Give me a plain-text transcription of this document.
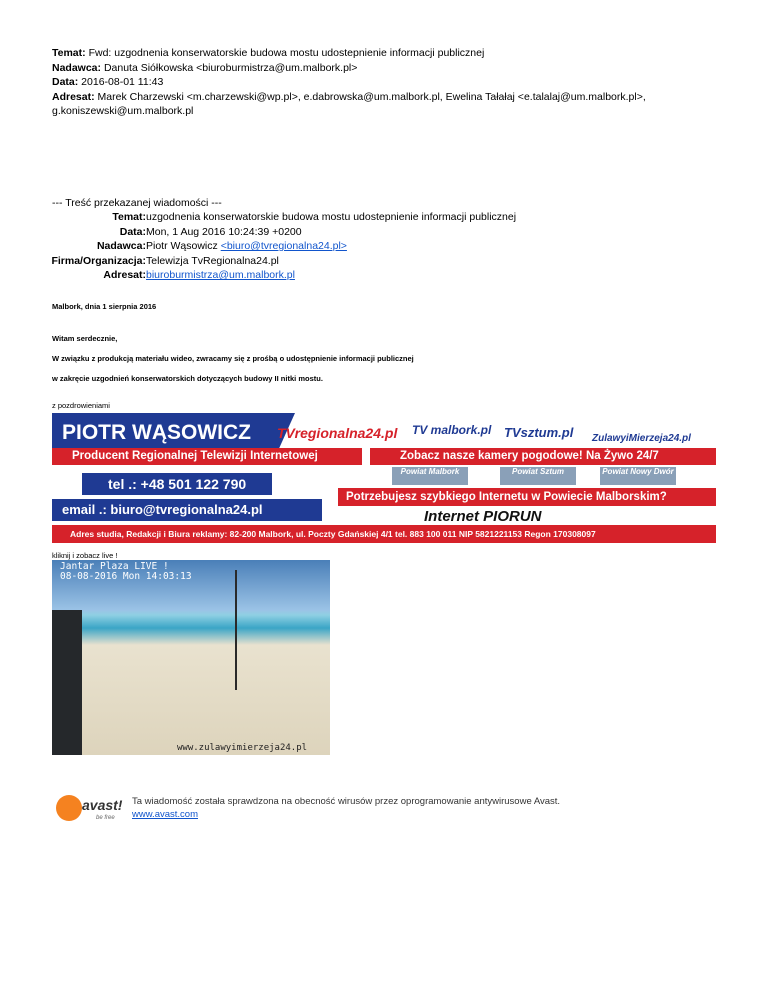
Temat: Fwd: uzgodnenia konserwatorskie budowa mostu udostepnienie informacji publicznej
Nadawca: Danuta Siółkowska <biuroburmistrza@um.malbork.pl>
Data: 2016-08-01 11:43
Adresat: Marek Charzewski <m.charzewski@wp.pl>, e.dabrowska@um.malbork.pl, Ewelina Tałałaj <e.talalaj@um.malbork.pl>,
g.koniszewski@um.malbork.pl
--- Treść przekazanej wiadomości ---
Temat: uzgodnenia konserwatorskie budowa mostu udostepnienie informacji publicznej
Data: Mon, 1 Aug 2016 10:24:39 +0200
Nadawca: Piotr Wąsowicz <biuro@tvregionalna24.pl>
Firma/Organizacja: Telewizja TvRegionalna24.pl
Adresat: biuroburmistrza@um.malbork.pl
Malbork, dnia 1 sierpnia 2016
Witam serdecznie,
W związku z produkcją materiału wideo, zwracamy się z prośbą o udostępnienie informacji publicznej
w zakręcie uzgodnień konserwatorskich dotyczących budowy II nitki mostu.
z pozdrowieniami
PIOTR WĄSOWICZ	TVregionalna24.pl TV malbork.pl TVsztum.pl ZulawyiMierzeja24.pl
Producent Regionalnej Telewizji Internetowej	Zobacz nasze kamery pogodowe! Na Żywo 24/7
tel .: +48 501 122 790
Powiat Malbork	Powiat Sztum	Powiat Nowy Dwór
Potrzebujesz szybkiego Internetu w Powiecie Malborskim?
email .: biuro@tvregionalna24.pl	Internet PIORUN
Adres studia, Redakcji i Biura reklamy: 82-200 Malbork, ul. Poczty Gdańskiej 4/1 tel. 883 100 011 NIP 5821221153 Regon 170308097
kliknij i zobacz live !
Jantar Plaza LIVE !
08-08-2016 Mon 14:03:13
www.zulawyimierzeja24.pl
avast!
be free
Ta wiadomość została sprawdzona na obecność wirusów przez oprogramowanie antywirusowe Avast.
www.avast.com
